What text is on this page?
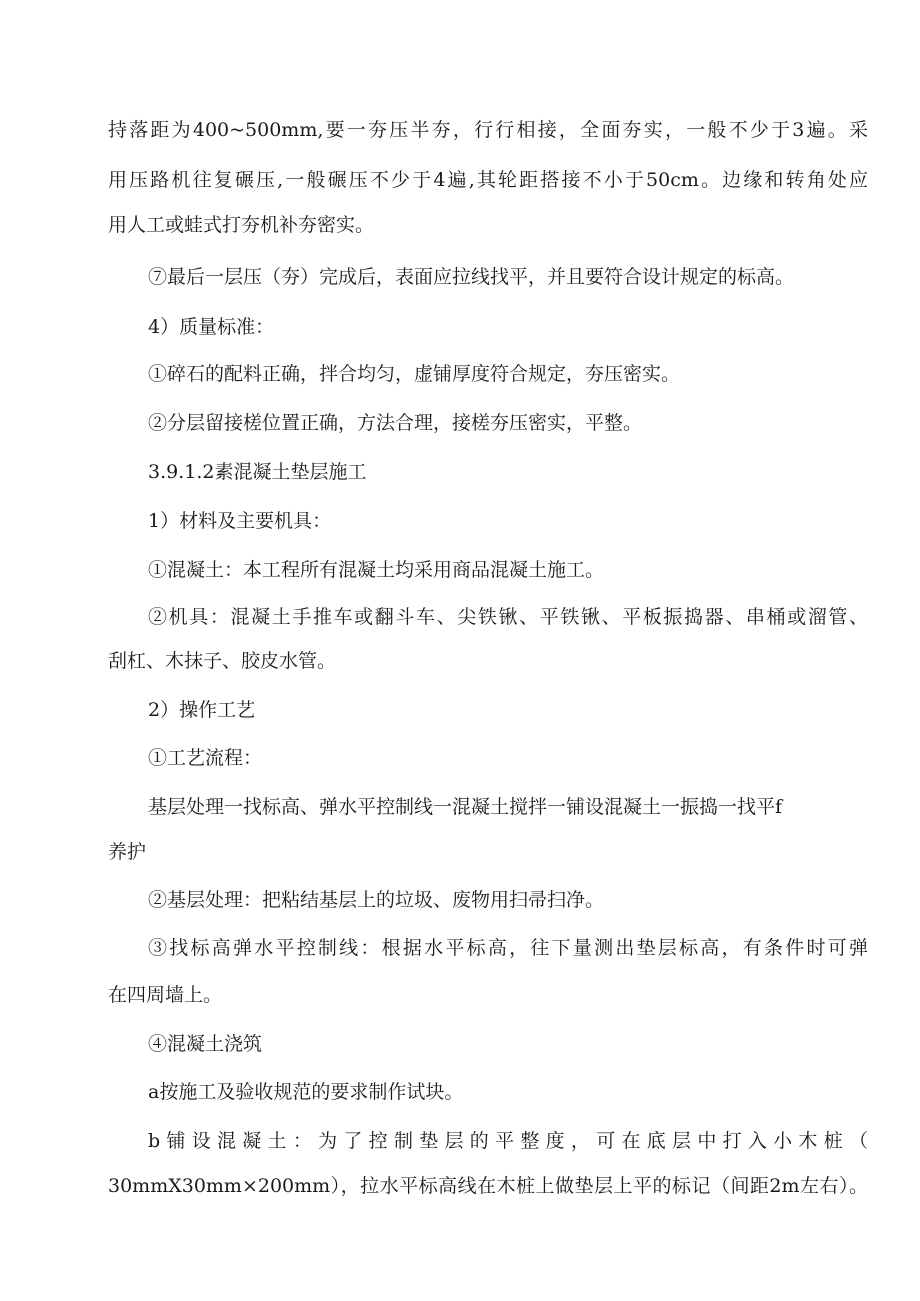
持落距为400~500mm,要一夯压半夯，行行相接，全面夯实，一般不少于3遍。采
用压路机往复碾压,一般碾压不少于4遍,其轮距搭接不小于50cm。边缘和转角处应
用人工或蛙式打夯机补夯密实。
⑦最后一层压（夯）完成后，表面应拉线找平，并且要符合设计规定的标高。
4）质量标准：
①碎石的配料正确，拌合均匀，虚铺厚度符合规定，夯压密实。
②分层留接槎位置正确，方法合理，接槎夯压密实，平整。
3.9.1.2素混凝土垫层施工
1）材料及主要机具：
①混凝土：本工程所有混凝土均采用商品混凝土施工。
②机具：混凝土手推车或翻斗车、尖铁锹、平铁锹、平板振捣器、串桶或溜管、
刮杠、木抹子、胶皮水管。
2）操作工艺
①工艺流程：
基层处理一找标高、弹水平控制线一混凝土搅拌一铺设混凝土一振捣一找平f
养护
②基层处理：把粘结基层上的垃圾、废物用扫帚扫净。
③找标高弹水平控制线：根据水平标高，往下量测出垫层标高，有条件时可弹
在四周墙上。
④混凝土浇筑
a按施工及验收规范的要求制作试块。
b铺设混凝土：为了控制垫层的平整度，可在底层中打入小木桩（
30mmX30mm×200mm），拉水平标高线在木桩上做垫层上平的标记（间距2m左右）。
